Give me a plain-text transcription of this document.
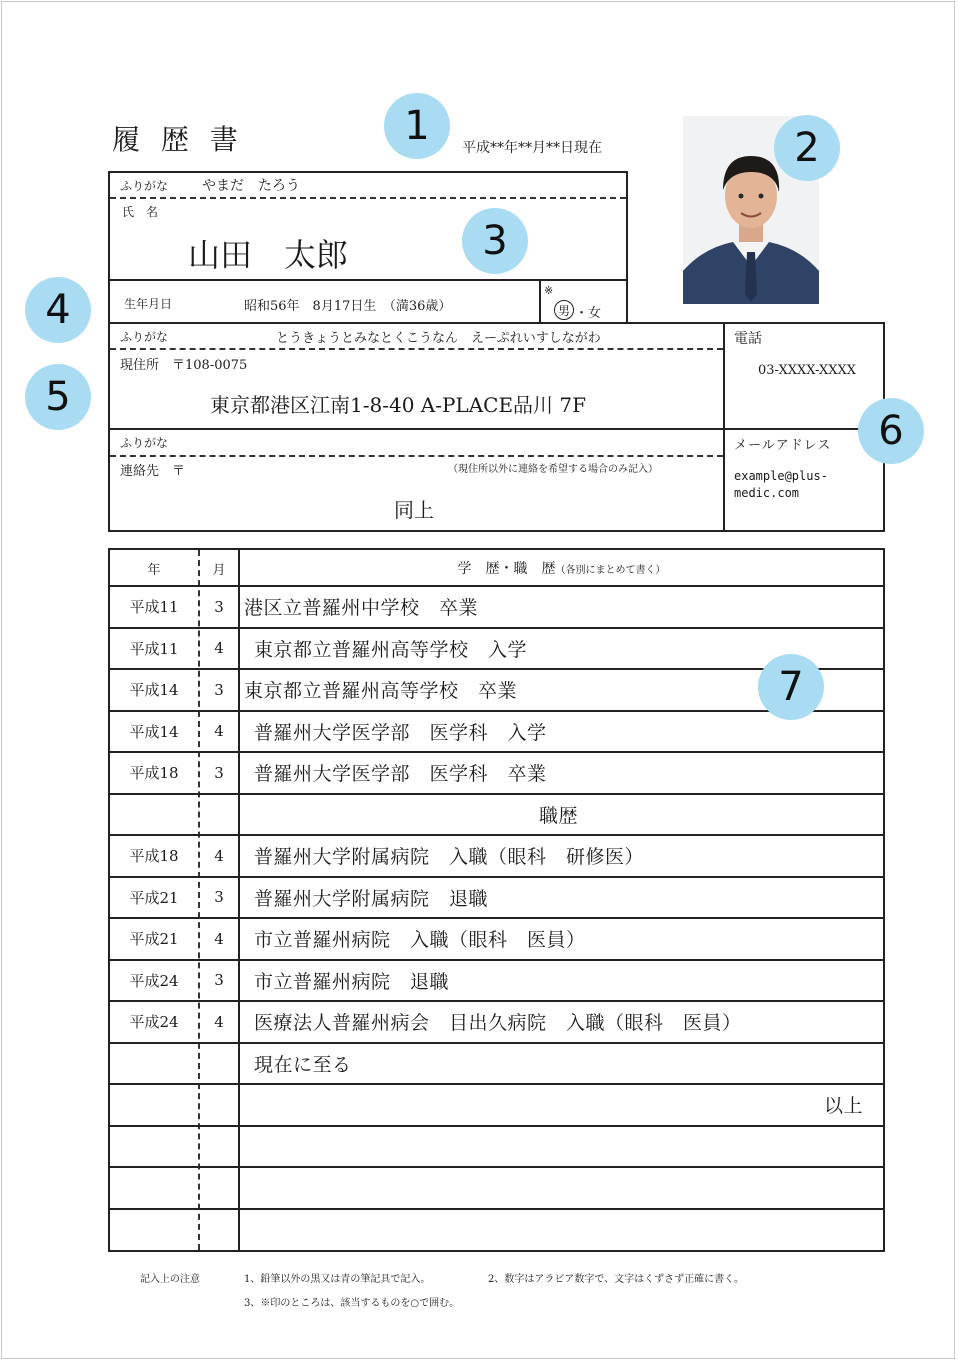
履 歴 書	平成**年**月**日現在
ふりがな やまだ　たろう
氏　名
山田　太郎
生年月日	昭和56年　8月17日生　（満36歳）
※
男 ・女
ふりがな	とうきょうとみなとくこうなん　えーぷれいすしながわ
現住所　〒108-0075
東京都港区江南1-8-40 A-PLACE品川 7F
電話
03-XXXX-XXXX
ふりがな
連絡先　〒	（現住所以外に連絡を希望する場合のみ記入）
同上
メールアドレス
example@plus-
medic.com
年	月	学　歴・職　歴（各別にまとめて書く）
平成11	3	港区立普羅州中学校　卒業
平成11	4	東京都立普羅州高等学校　入学
平成14	3	東京都立普羅州高等学校　卒業
平成14	4	普羅州大学医学部　医学科　入学
平成18	3	普羅州大学医学部　医学科　卒業
職歴
平成18	4	普羅州大学附属病院　入職（眼科　研修医）
平成21	3	普羅州大学附属病院　退職
平成21	4	市立普羅州病院　入職（眼科　医員）
平成24	3	市立普羅州病院　退職
平成24	4	医療法人普羅州病会　目出久病院　入職（眼科　医員）
現在に至る
以上
記入上の注意	1、鉛筆以外の黒又は青の筆記具で記入。	2、数字はアラビア数字で、文字はくずさず正確に書く。
3、※印のところは、該当するものを○で囲む。
1	2
3
4
5
6
7
